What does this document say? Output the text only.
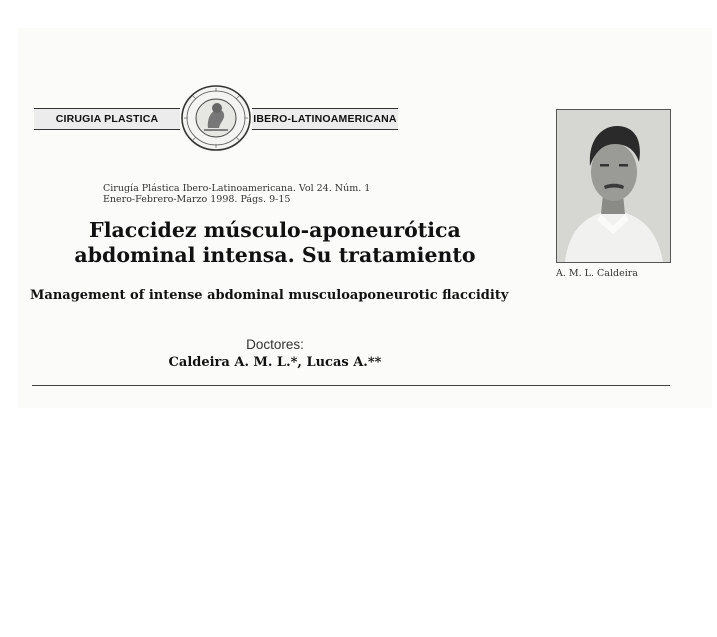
CIRUGIA PLASTICA	IBERO-LATINOAMERICANA
Cirugía Plástica Ibero-Latinoamericana. Vol 24. Núm. 1
Enero-Febrero-Marzo 1998. Págs. 9-15
Flaccidez músculo-aponeurótica
abdominal intensa. Su tratamiento
Management of intense abdominal musculoaponeurotic flaccidity
Doctores:
Caldeira A. M. L.*, Lucas A.**
A. M. L. Caldeira
